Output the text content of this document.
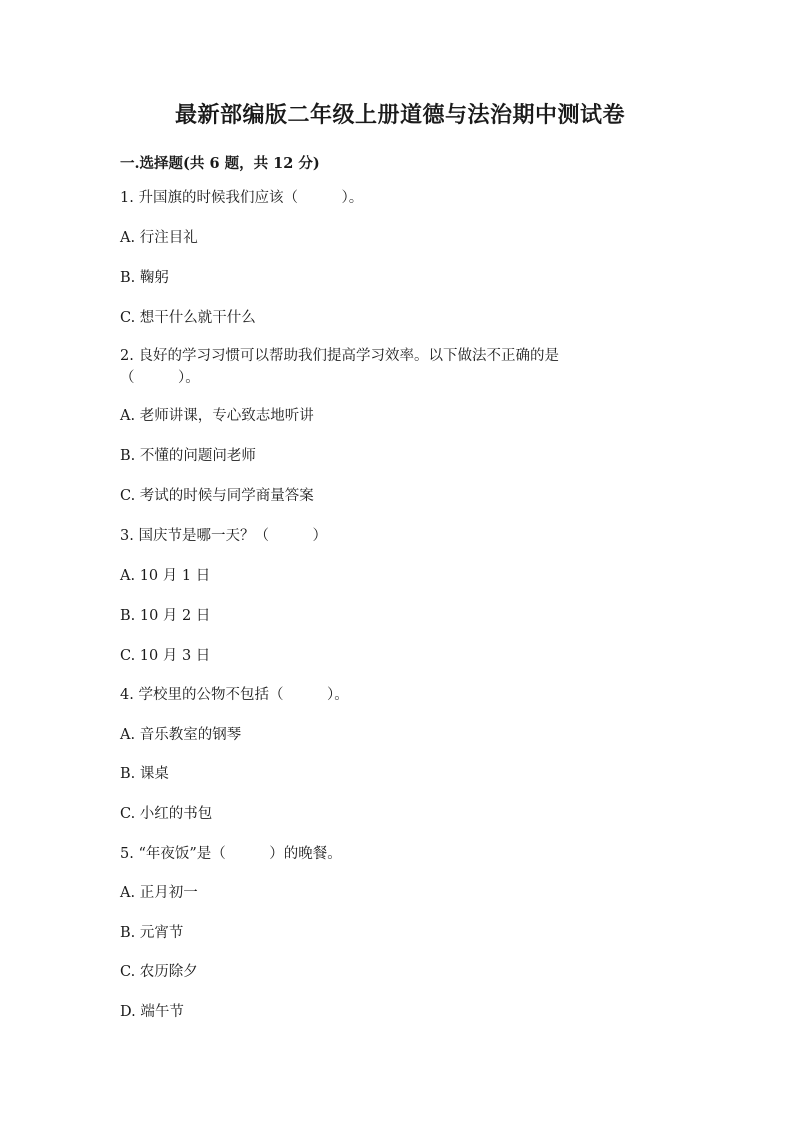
最新部编版二年级上册道德与法治期中测试卷
一.选择题(共 6 题，共 12 分)
1. 升国旗的时候我们应该（　　　）。
A. 行注目礼
B. 鞠躬
C. 想干什么就干什么
2. 良好的学习习惯可以帮助我们提高学习效率。以下做法不正确的是
（　　　）。
A. 老师讲课，专心致志地听讲
B. 不懂的问题问老师
C. 考试的时候与同学商量答案
3. 国庆节是哪一天？（　　　）
A. 10 月 1 日
B. 10 月 2 日
C. 10 月 3 日
4. 学校里的公物不包括（　　　）。
A. 音乐教室的钢琴
B. 课桌
C. 小红的书包
5. “年夜饭”是（　　　）的晚餐。
A. 正月初一
B. 元宵节
C. 农历除夕
D. 端午节
